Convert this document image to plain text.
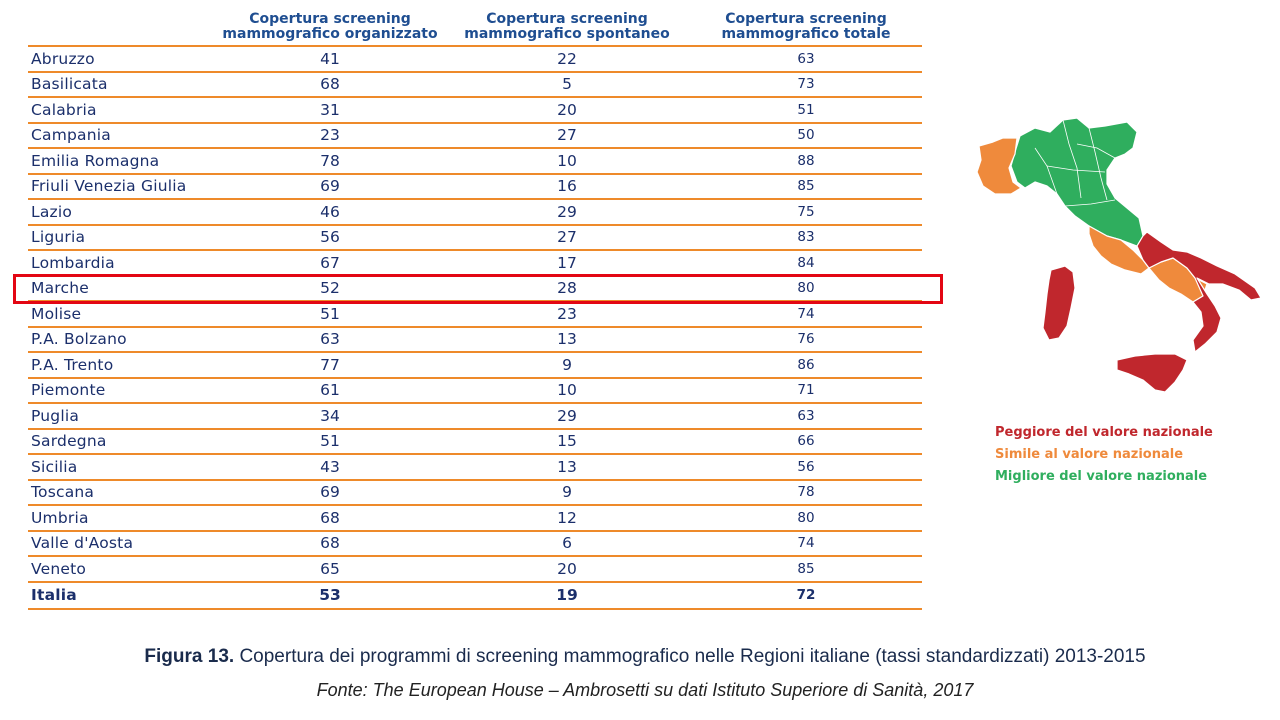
	Copertura screening mammografico organizzato	Copertura screening mammografico spontaneo	Copertura screening mammografico totale

Abruzzo	41	22	63
Basilicata	68	5	73
Calabria	31	20	51
Campania	23	27	50
Emilia Romagna	78	10	88
Friuli Venezia Giulia	69	16	85
Lazio	46	29	75
Liguria	56	27	83
Lombardia	67	17	84
Marche	52	28	80
Molise	51	23	74
P.A. Bolzano	63	13	76
P.A. Trento	77	9	86
Piemonte	61	10	71
Puglia	34	29	63
Sardegna	51	15	66
Sicilia	43	13	56
Toscana	69	9	78
Umbria	68	12	80
Valle d'Aosta	68	6	74
Veneto	65	20	85
Italia	53	19	72
Peggiore del valore nazionale
Simile al valore nazionale
Migliore del valore nazionale
Figura 13. Copertura dei programmi di screening mammografico nelle Regioni italiane (tassi standardizzati) 2013-2015
Fonte: The European House – Ambrosetti su dati Istituto Superiore di Sanità, 2017
